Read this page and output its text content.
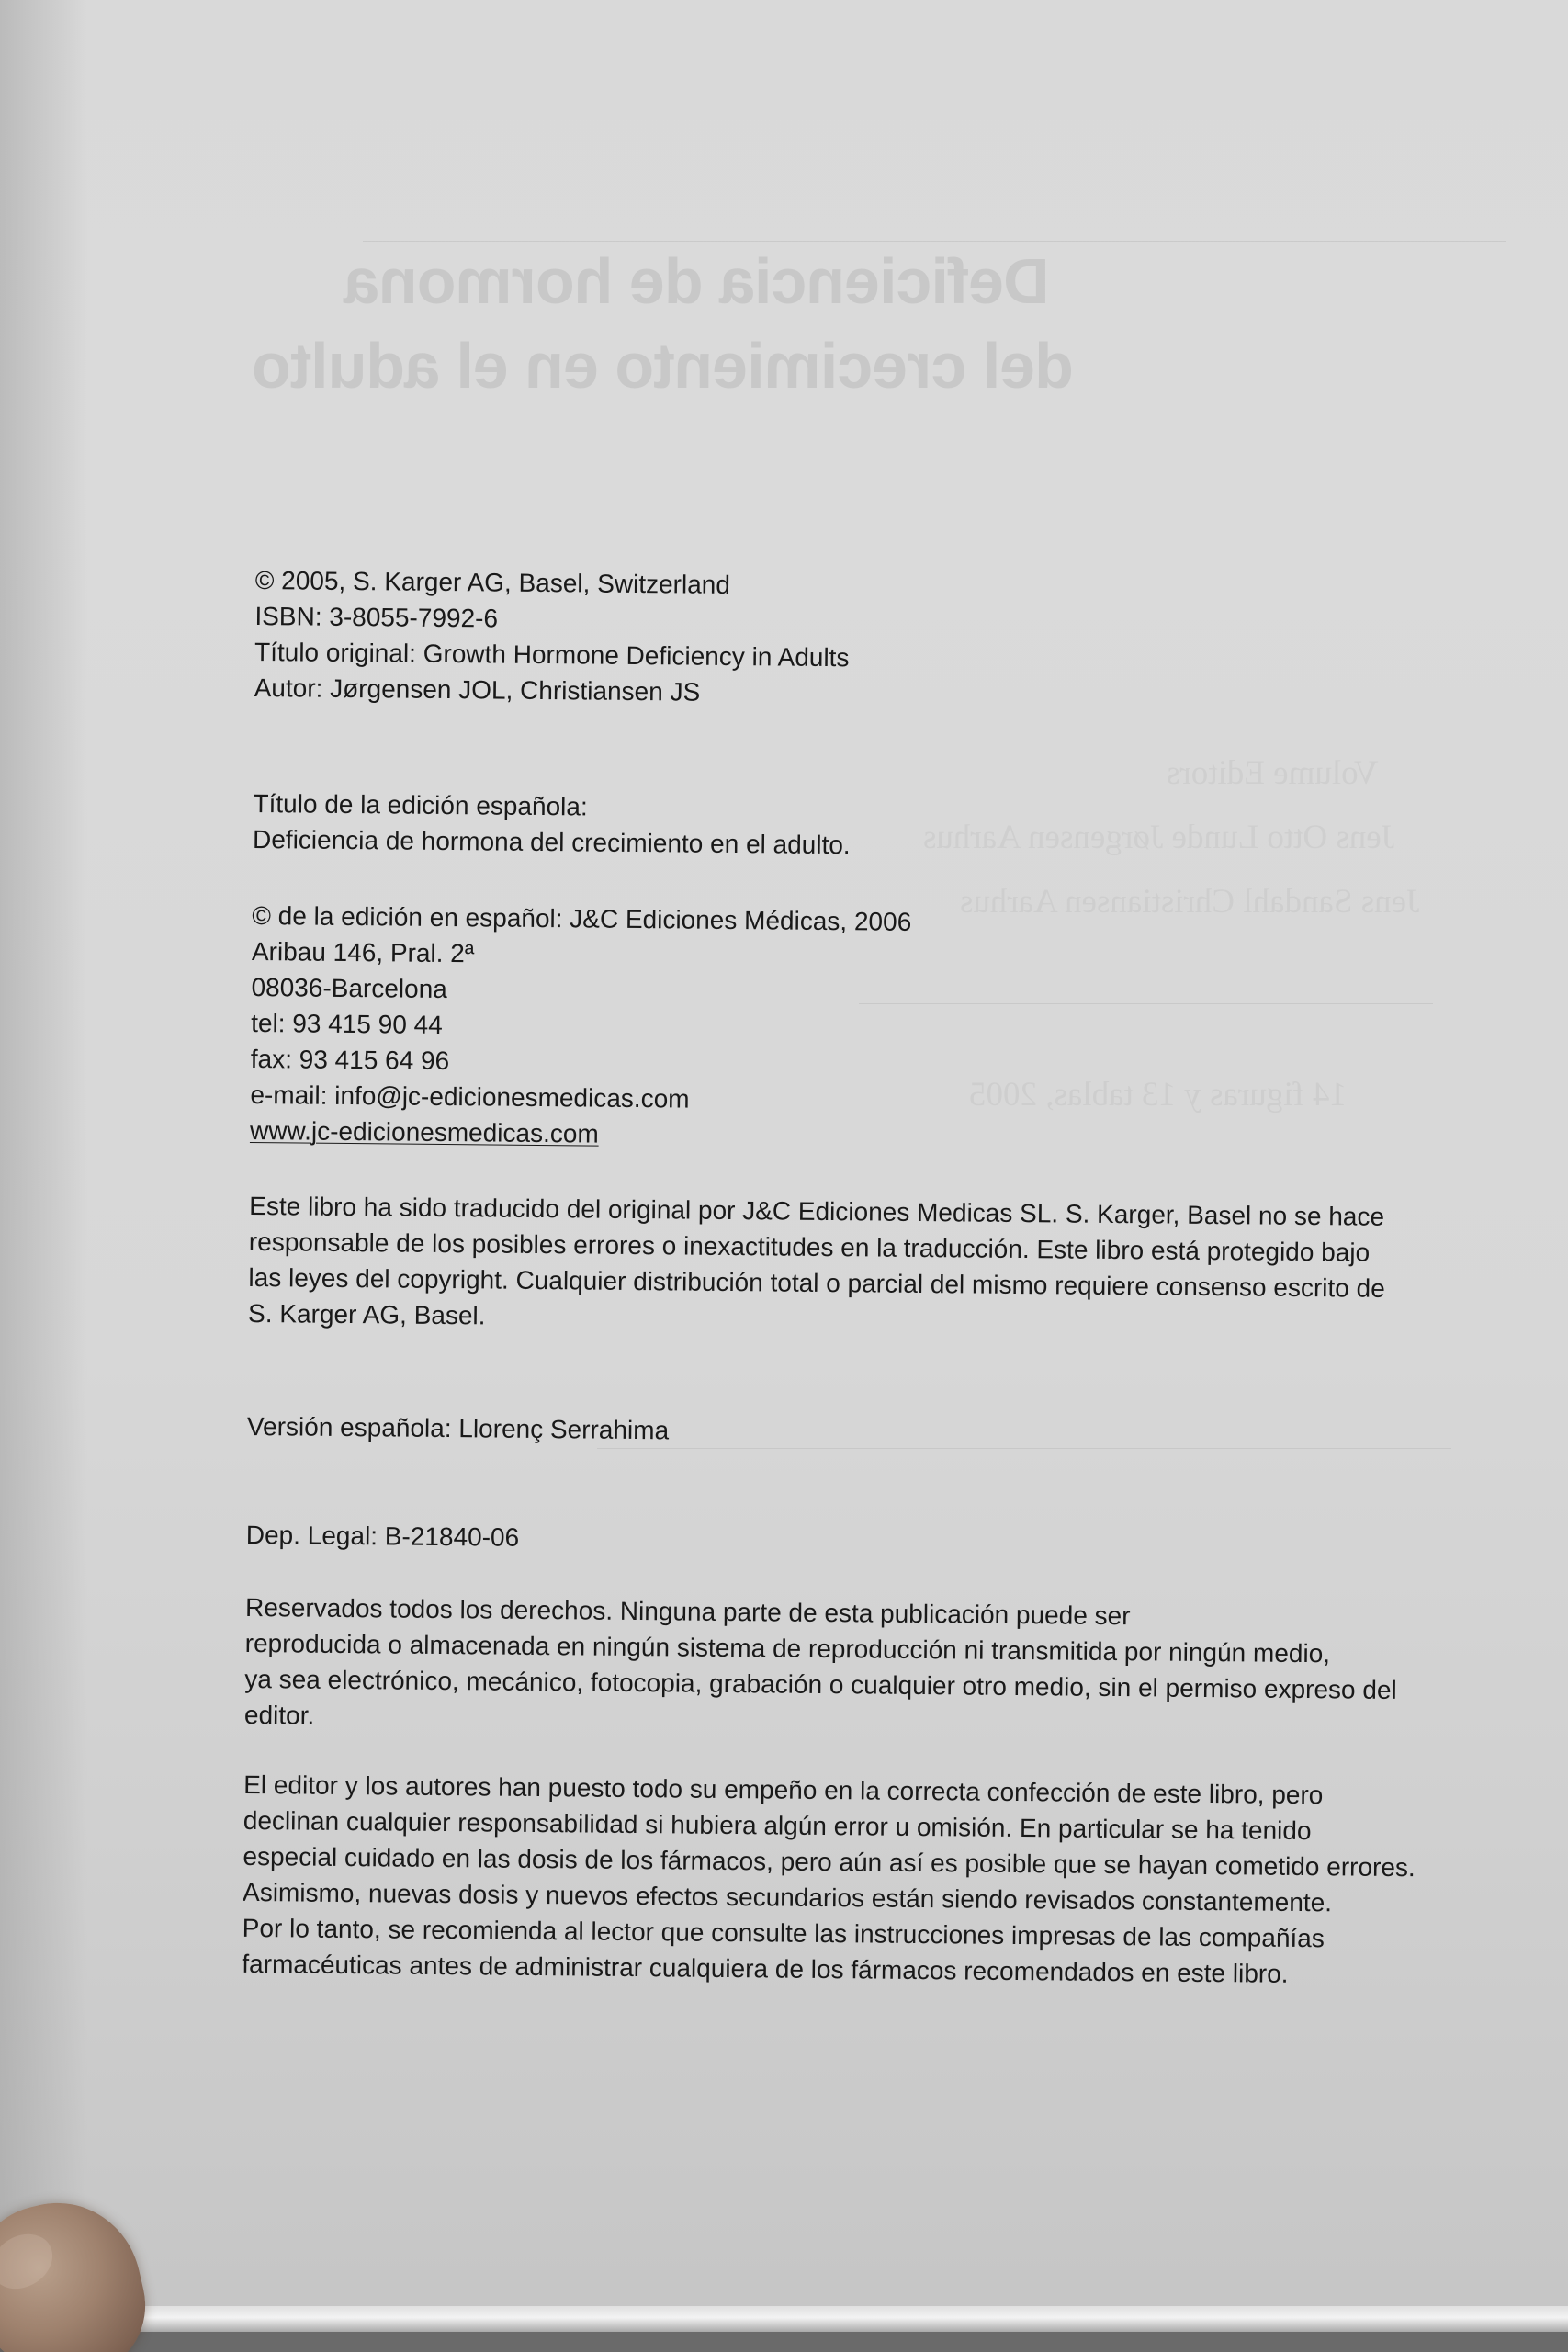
Deficiencia de hormona
del crecimiento en el adulto
Volume Editors
Jens Otto Lunde Jørgensen Aarhus
Jens Sandahl Christiansen Aarhus
14 figuras y 13 tablas, 2005
© 2005, S. Karger AG, Basel, Switzerland
ISBN: 3-8055-7992-6
Título original: Growth Hormone Deficiency in Adults
Autor: Jørgensen JOL, Christiansen JS
Título de la edición española:
Deficiencia de hormona del crecimiento en el adulto.
© de la edición en español: J&C Ediciones Médicas, 2006
Aribau 146, Pral. 2ª
08036-Barcelona
tel: 93 415 90 44
fax: 93 415 64 96
e-mail: info@jc-edicionesmedicas.com
www.jc-edicionesmedicas.com
Este libro ha sido traducido del original por J&C Ediciones Medicas SL. S. Karger, Basel no se hace
responsable de los posibles errores o inexactitudes en la traducción. Este libro está protegido bajo
las leyes del copyright. Cualquier distribución total o parcial del mismo requiere consenso escrito de
S. Karger AG, Basel.
Versión española: Llorenç Serrahima
Dep. Legal: B-21840-06
Reservados todos los derechos. Ninguna parte de esta publicación puede ser
reproducida o almacenada en ningún sistema de reproducción ni transmitida por ningún medio,
ya sea electrónico, mecánico, fotocopia, grabación o cualquier otro medio, sin el permiso expreso del
editor.
El editor y los autores han puesto todo su empeño en la correcta confección de este libro, pero
declinan cualquier responsabilidad si hubiera algún error u omisión. En particular se ha tenido
especial cuidado en las dosis de los fármacos, pero aún así es posible que se hayan cometido errores.
Asimismo, nuevas dosis y nuevos efectos secundarios están siendo revisados constantemente.
Por lo tanto, se recomienda al lector que consulte las instrucciones impresas de las compañías
farmacéuticas antes de administrar cualquiera de los fármacos recomendados en este libro.
